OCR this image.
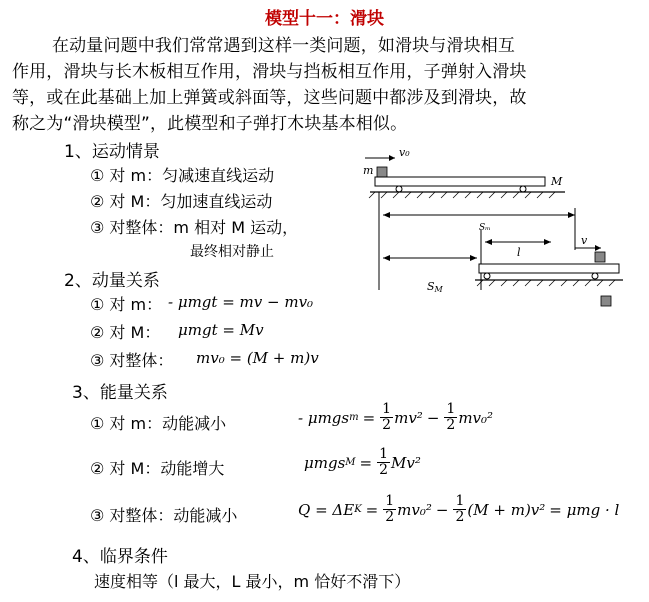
模型十一：滑块
在动量问题中我们常常遇到这样一类问题，如滑块与滑块相互
作用，滑块与长木板相互作用，滑块与挡板相互作用，子弹射入滑块
等，或在此基础上加上弹簧或斜面等，这些问题中都涉及到滑块，故
称之为“滑块模型”，此模型和子弹打木块基本相似。
1、运动情景
① 对 m：匀减速直线运动
② 对 M：匀加速直线运动
③ 对整体：m 相对 M 运动，
最终相对静止
v₀
m
M
Sₘ
l
v
SM
2、动量关系
① 对 m： - μmgt = mv − mv₀
② 对 M： μmgt = Mv
③ 对整体： mv₀ = (M + m)v
3、能量关系
① 对 m：动能减小	- μmgs $m = \frac{1}{2} mv^2 - \frac{1}{2} mv_0^2$
② 对 M：动能增大	μmgs $M = \frac{1}{2} Mv^2$
③ 对整体：动能减小	Q = ΔE $K = \frac{1}{2} mv_0^2 - \frac{1}{2} (M + m)v^2 = \mu mg \cdot l$
4、临界条件
速度相等（l 最大，L 最小，m 恰好不滑下）
